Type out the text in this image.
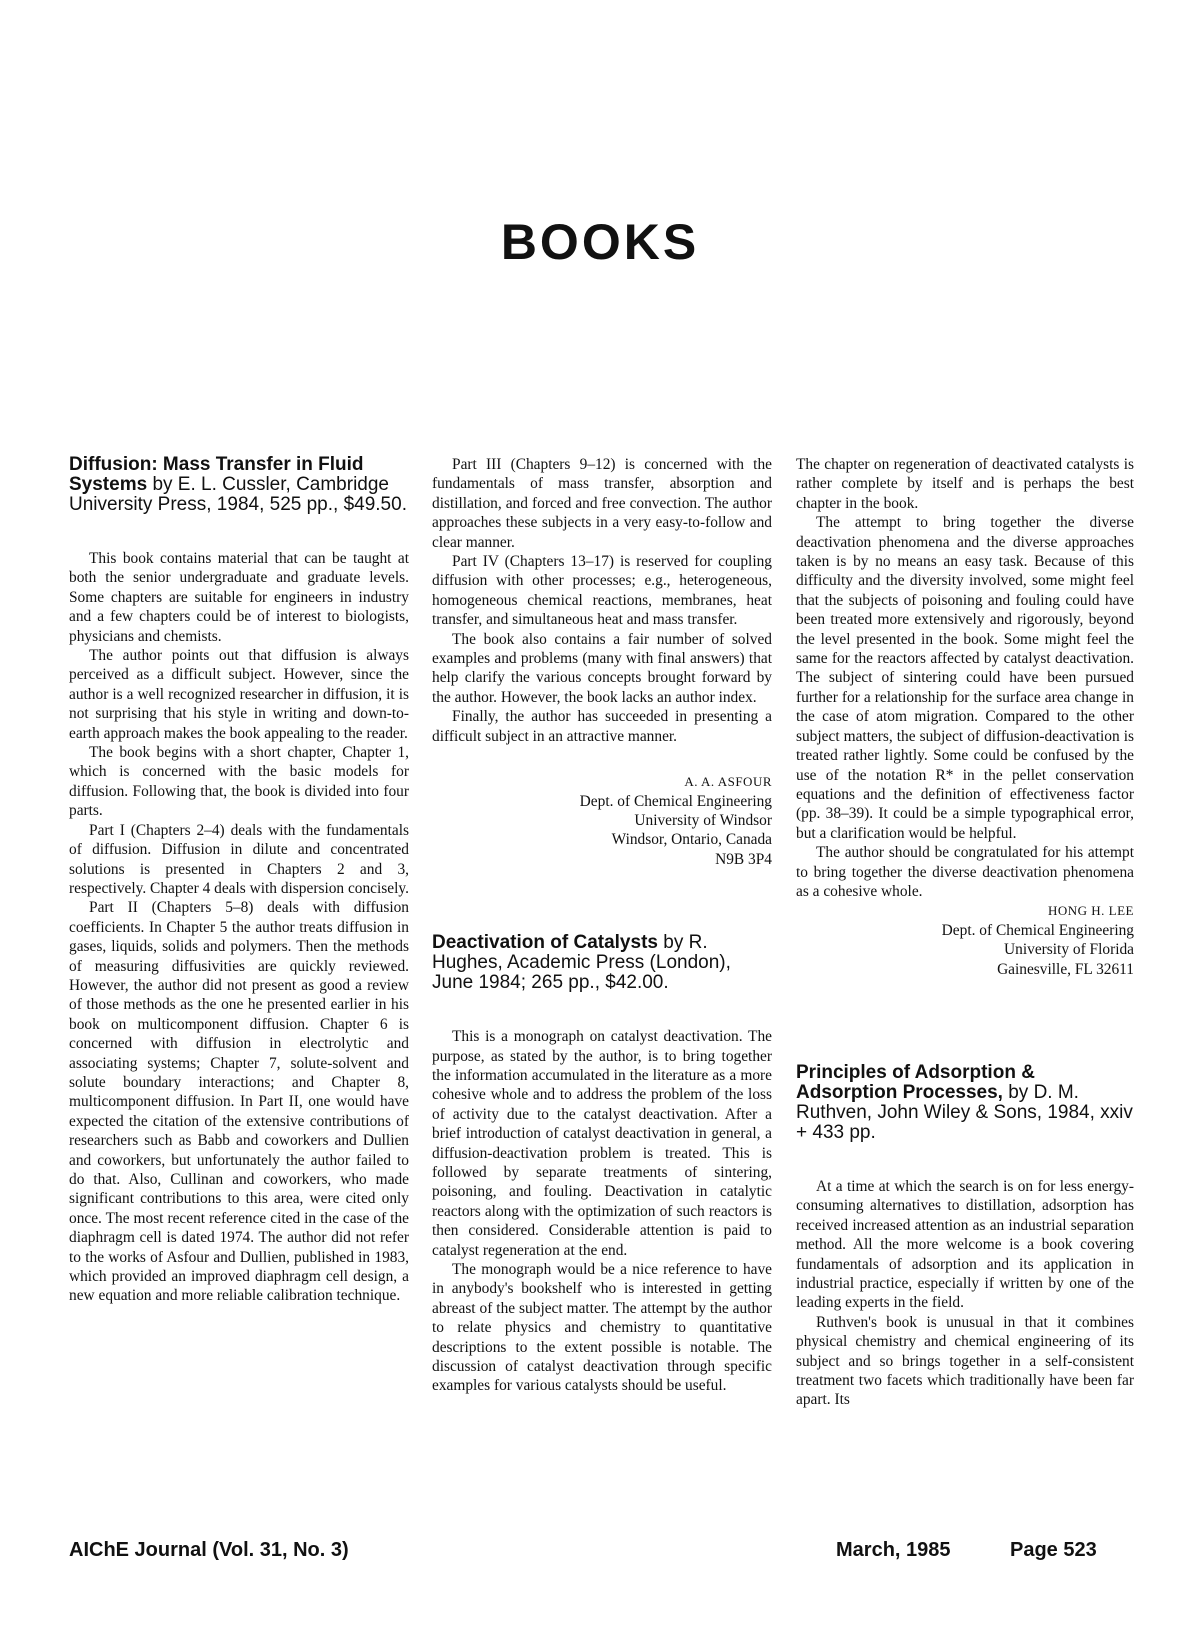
BOOKS
Diffusion: Mass Transfer in Fluid Systems by E. L. Cussler, Cambridge University Press, 1984, 525 pp., $49.50.

This book contains material that can be taught at both the senior undergraduate and graduate levels. Some chapters are suitable for engineers in industry and a few chapters could be of interest to biologists, physicians and chemists.

The author points out that diffusion is always perceived as a difficult subject. However, since the author is a well recognized researcher in diffusion, it is not surprising that his style in writing and down-to-earth approach makes the book appealing to the reader.

The book begins with a short chapter, Chapter 1, which is concerned with the basic models for diffusion. Following that, the book is divided into four parts.

Part I (Chapters 2–4) deals with the fundamentals of diffusion. Diffusion in dilute and concentrated solutions is presented in Chapters 2 and 3, respectively. Chapter 4 deals with dispersion concisely.

Part II (Chapters 5–8) deals with diffusion coefficients. In Chapter 5 the author treats diffusion in gases, liquids, solids and polymers. Then the methods of measuring diffusivities are quickly reviewed. However, the author did not present as good a review of those methods as the one he presented earlier in his book on multicomponent diffusion. Chapter 6 is concerned with diffusion in electrolytic and associating systems; Chapter 7, solute-solvent and solute boundary interactions; and Chapter 8, multicomponent diffusion. In Part II, one would have expected the citation of the extensive contributions of researchers such as Babb and coworkers and Dullien and coworkers, but unfortunately the author failed to do that. Also, Cullinan and coworkers, who made significant contributions to this area, were cited only once. The most recent reference cited in the case of the diaphragm cell is dated 1974. The author did not refer to the works of Asfour and Dullien, published in 1983, which provided an improved diaphragm cell design, a new equation and more reliable calibration technique.

Part III (Chapters 9–12) is concerned with the fundamentals of mass transfer, absorption and distillation, and forced and free convection. The author approaches these subjects in a very easy-to-follow and clear manner.

Part IV (Chapters 13–17) is reserved for coupling diffusion with other processes; e.g., heterogeneous, homogeneous chemical reactions, membranes, heat transfer, and simultaneous heat and mass transfer.

The book also contains a fair number of solved examples and problems (many with final answers) that help clarify the various concepts brought forward by the author. However, the book lacks an author index.

Finally, the author has succeeded in presenting a difficult subject in an attractive manner.

A. A. ASFOUR
Dept. of Chemical Engineering
University of Windsor
Windsor, Ontario, Canada
N9B 3P4
Deactivation of Catalysts by R. Hughes, Academic Press (London), June 1984; 265 pp., $42.00.

This is a monograph on catalyst deactivation. The purpose, as stated by the author, is to bring together the information accumulated in the literature as a more cohesive whole and to address the problem of the loss of activity due to the catalyst deactivation. After a brief introduction of catalyst deactivation in general, a diffusion-deactivation problem is treated. This is followed by separate treatments of sintering, poisoning, and fouling. Deactivation in catalytic reactors along with the optimization of such reactors is then considered. Considerable attention is paid to catalyst regeneration at the end.

The monograph would be a nice reference to have in anybody's bookshelf who is interested in getting abreast of the subject matter. The attempt by the author to relate physics and chemistry to quantitative descriptions to the extent possible is notable. The discussion of catalyst deactivation through specific examples for various catalysts should be useful.

The chapter on regeneration of deactivated catalysts is rather complete by itself and is perhaps the best chapter in the book.

The attempt to bring together the diverse deactivation phenomena and the diverse approaches taken is by no means an easy task. Because of this difficulty and the diversity involved, some might feel that the subjects of poisoning and fouling could have been treated more extensively and rigorously, beyond the level presented in the book. Some might feel the same for the reactors affected by catalyst deactivation. The subject of sintering could have been pursued further for a relationship for the surface area change in the case of atom migration. Compared to the other subject matters, the subject of diffusion-deactivation is treated rather lightly. Some could be confused by the use of the notation R* in the pellet conservation equations and the definition of effectiveness factor (pp. 38–39). It could be a simple typographical error, but a clarification would be helpful.

The author should be congratulated for his attempt to bring together the diverse deactivation phenomena as a cohesive whole.

HONG H. LEE
Dept. of Chemical Engineering
University of Florida
Gainesville, FL 32611
Principles of Adsorption & Adsorption Processes, by D. M. Ruthven, John Wiley & Sons, 1984, xxiv + 433 pp.

At a time at which the search is on for less energy-consuming alternatives to distillation, adsorption has received increased attention as an industrial separation method. All the more welcome is a book covering fundamentals of adsorption and its application in industrial practice, especially if written by one of the leading experts in the field.

Ruthven's book is unusual in that it combines physical chemistry and chemical engineering of its subject and so brings together in a self-consistent treatment two facets which traditionally have been far apart. Its

AIChE Journal (Vol. 31, No. 3)	March, 1985	Page 523
